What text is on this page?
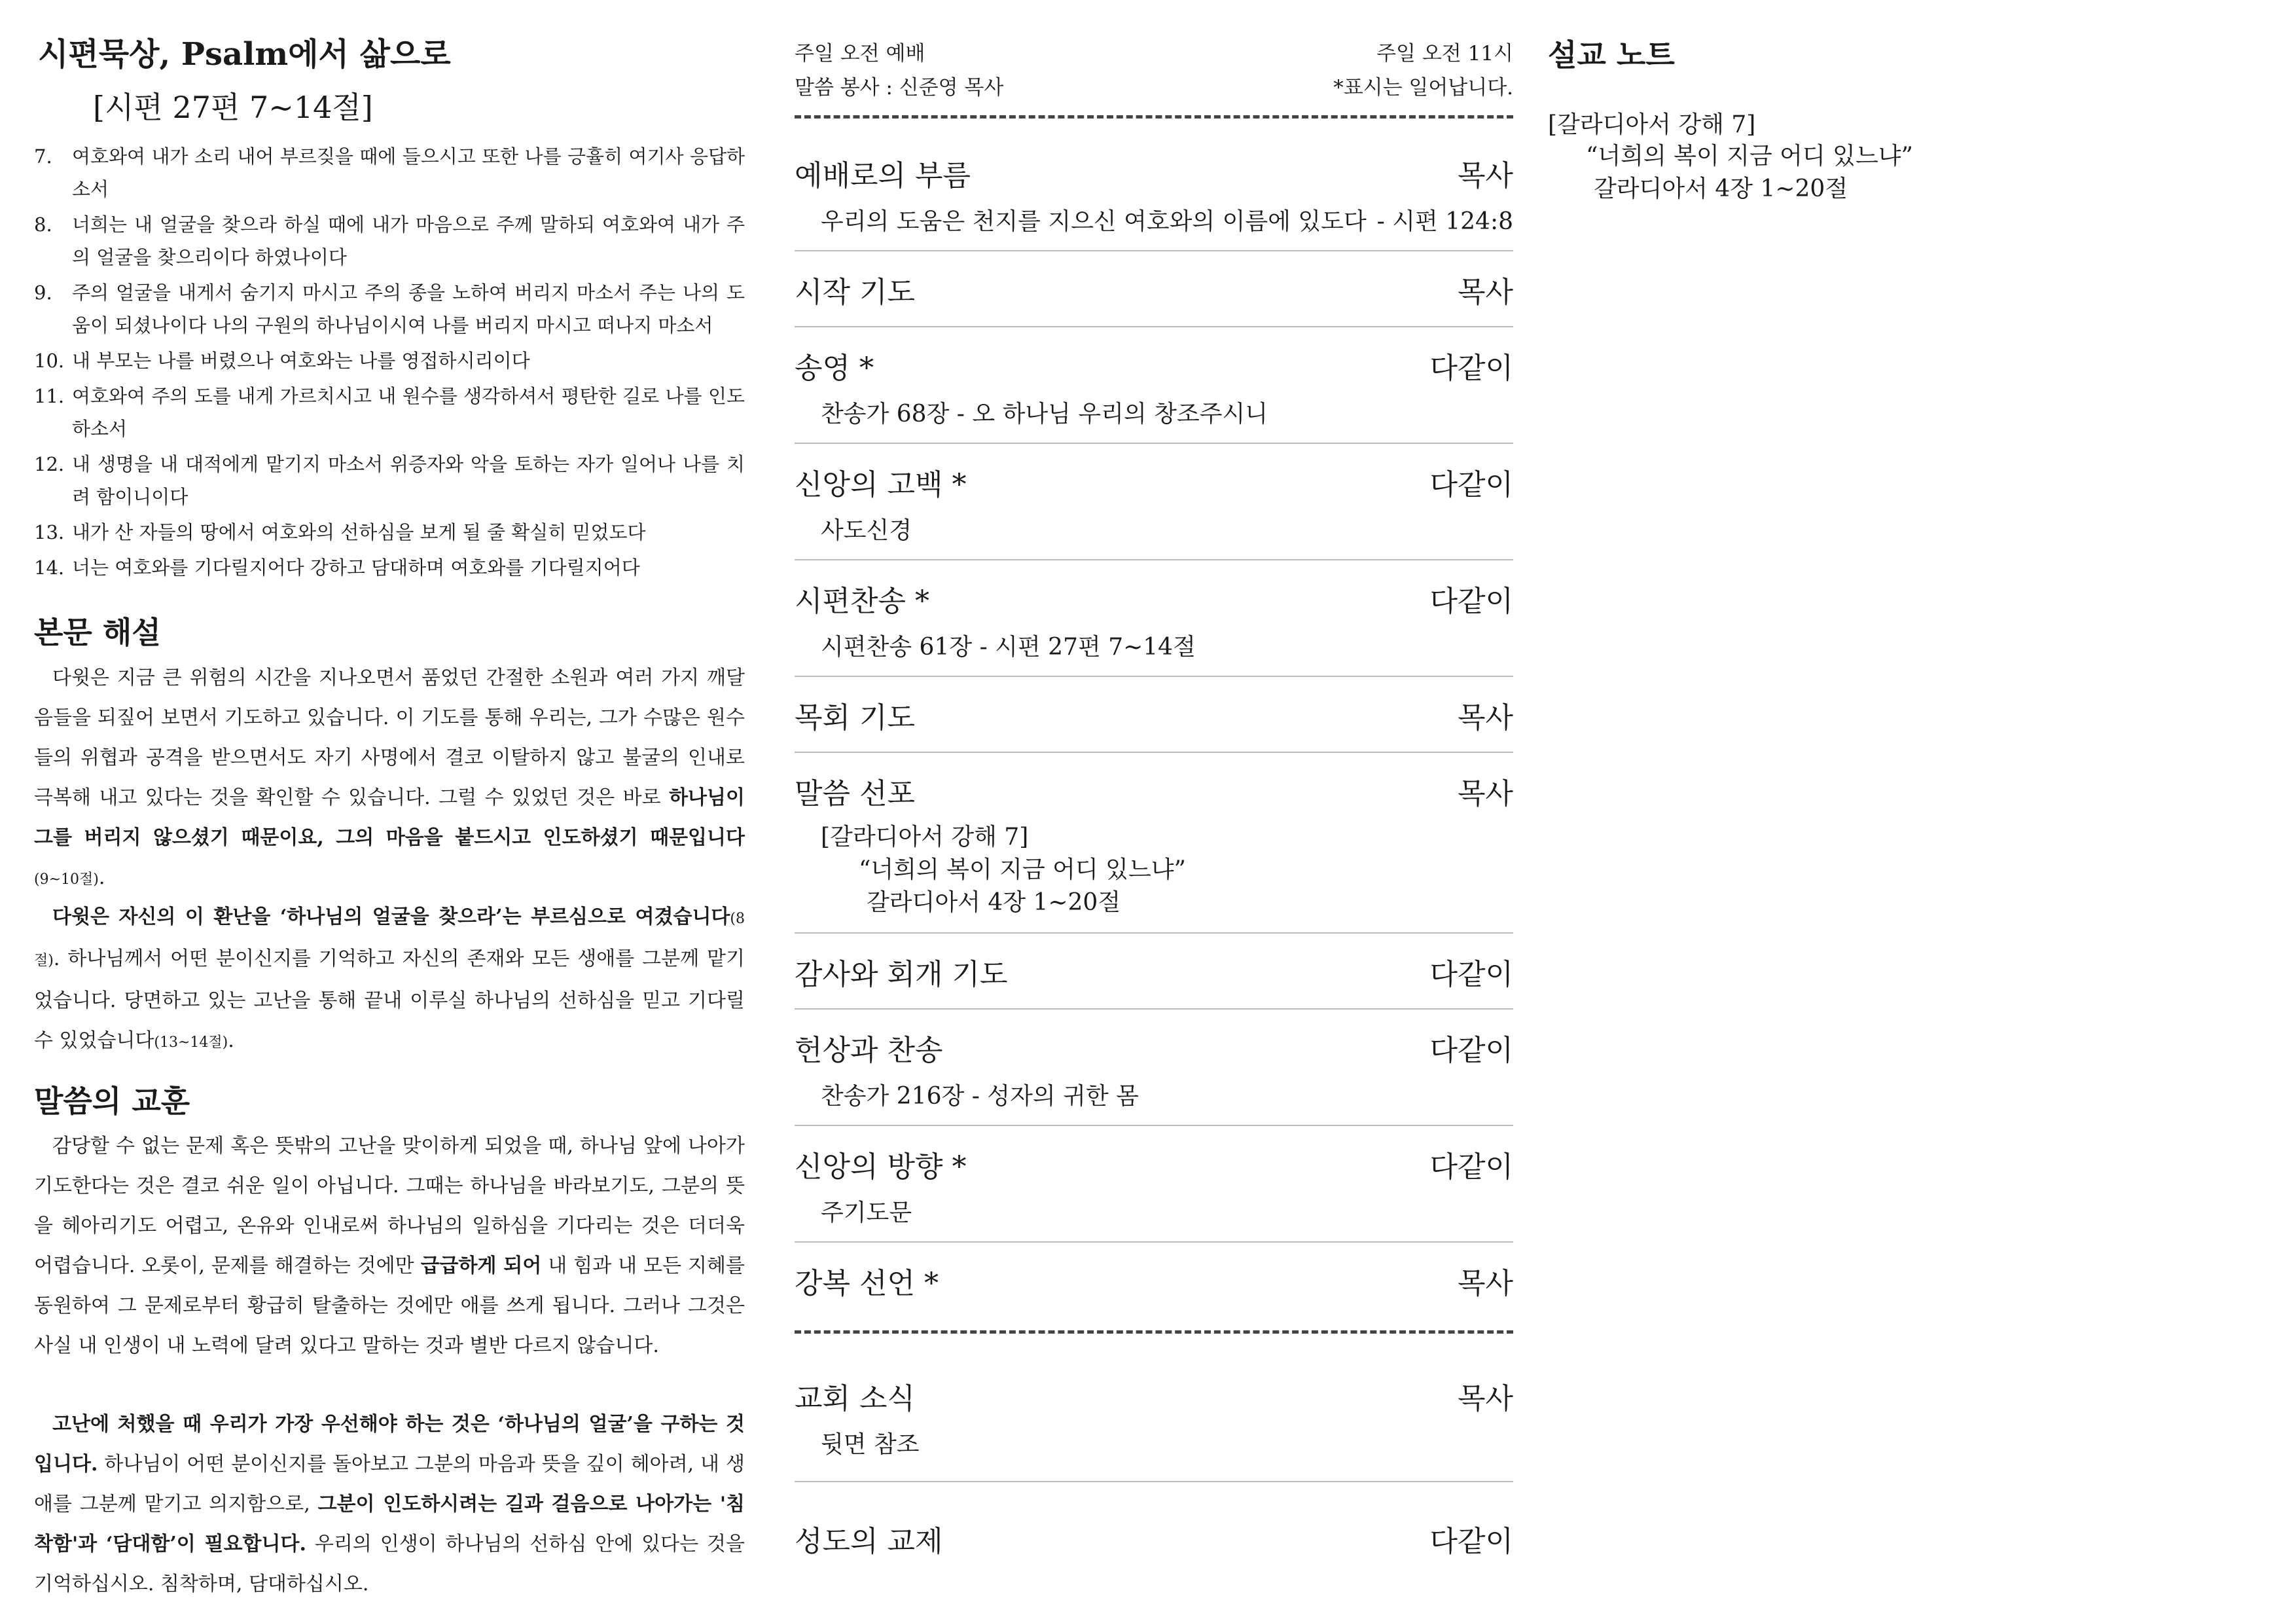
시편묵상, Psalm에서 삶으로
[시편 27편 7~14절]
7.	여호와여 내가 소리 내어 부르짖을 때에 들으시고 또한 나를 긍휼히 여기사 응답하소서
8.	너희는 내 얼굴을 찾으라 하실 때에 내가 마음으로 주께 말하되 여호와여 내가 주의 얼굴을 찾으리이다 하였나이다
9.	주의 얼굴을 내게서 숨기지 마시고 주의 종을 노하여 버리지 마소서 주는 나의 도움이 되셨나이다 나의 구원의 하나님이시여 나를 버리지 마시고 떠나지 마소서
10. 내 부모는 나를 버렸으나 여호와는 나를 영접하시리이다
11. 여호와여 주의 도를 내게 가르치시고 내 원수를 생각하셔서 평탄한 길로 나를 인도하소서
12. 내 생명을 내 대적에게 맡기지 마소서 위증자와 악을 토하는 자가 일어나 나를 치려 함이니이다
13. 내가 산 자들의 땅에서 여호와의 선하심을 보게 될 줄 확실히 믿었도다
14. 너는 여호와를 기다릴지어다 강하고 담대하며 여호와를 기다릴지어다
본문 해설

다윗은 지금 큰 위험의 시간을 지나오면서 품었던 간절한 소원과 여러 가지 깨달음들을 되짚어 보면서 기도하고 있습니다. 이 기도를 통해 우리는, 그가 수많은 원수들의 위협과 공격을 받으면서도 자기 사명에서 결코 이탈하지 않고 불굴의 인내로 극복해 내고 있다는 것을 확인할 수 있습니다. 그럴 수 있었던 것은 바로 하나님이 그를 버리지 않으셨기 때문이요, 그의 마음을 붙드시고 인도하셨기 때문입니다(9~10절).

다윗은 자신의 이 환난을 ‘하나님의 얼굴을 찾으라’는 부르심으로 여겼습니다(8절). 하나님께서 어떤 분이신지를 기억하고 자신의 존재와 모든 생애를 그분께 맡기었습니다. 당면하고 있는 고난을 통해 끝내 이루실 하나님의 선하심을 믿고 기다릴 수 있었습니다(13~14절).

말씀의 교훈

감당할 수 없는 문제 혹은 뜻밖의 고난을 맞이하게 되었을 때, 하나님 앞에 나아가 기도한다는 것은 결코 쉬운 일이 아닙니다. 그때는 하나님을 바라보기도, 그분의 뜻을 헤아리기도 어렵고, 온유와 인내로써 하나님의 일하심을 기다리는 것은 더더욱 어렵습니다. 오롯이, 문제를 해결하는 것에만 급급하게 되어 내 힘과 내 모든 지혜를 동원하여 그 문제로부터 황급히 탈출하는 것에만 애를 쓰게 됩니다. 그러나 그것은 사실 내 인생이 내 노력에 달려 있다고 말하는 것과 별반 다르지 않습니다.

고난에 처했을 때 우리가 가장 우선해야 하는 것은 ‘하나님의 얼굴’을 구하는 것입니다. 하나님이 어떤 분이신지를 돌아보고 그분의 마음과 뜻을 깊이 헤아려, 내 생애를 그분께 맡기고 의지함으로, 그분이 인도하시려는 길과 걸음으로 나아가는 '침착함'과 ‘담대함’이 필요합니다. 우리의 인생이 하나님의 선하심 안에 있다는 것을 기억하십시오. 침착하며, 담대하십시오.

주일 오전 예배	주일 오전 11시
말씀 봉사 : 신준영 목사	*표시는 일어납니다.
예배로의 부름	목사
우리의 도움은 천지를 지으신 여호와의 이름에 있도다 - 시편 124:8
시작 기도	목사
송영 *	다같이
찬송가 68장 - 오 하나님 우리의 창조주시니
신앙의 고백 *	다같이
사도신경
시편찬송 *	다같이
시편찬송 61장 - 시편 27편 7~14절
목회 기도	목사
말씀 선포	목사
[갈라디아서 강해 7]
“너희의 복이 지금 어디 있느냐”
갈라디아서 4장 1~20절
감사와 회개 기도	다같이
헌상과 찬송	다같이
찬송가 216장 - 성자의 귀한 몸
신앙의 방향 *	다같이
주기도문
강복 선언 *	목사
교회 소식	목사
뒷면 참조
성도의 교제	다같이
설교 노트
[갈라디아서 강해 7]
“너희의 복이 지금 어디 있느냐”
갈라디아서 4장 1~20절
